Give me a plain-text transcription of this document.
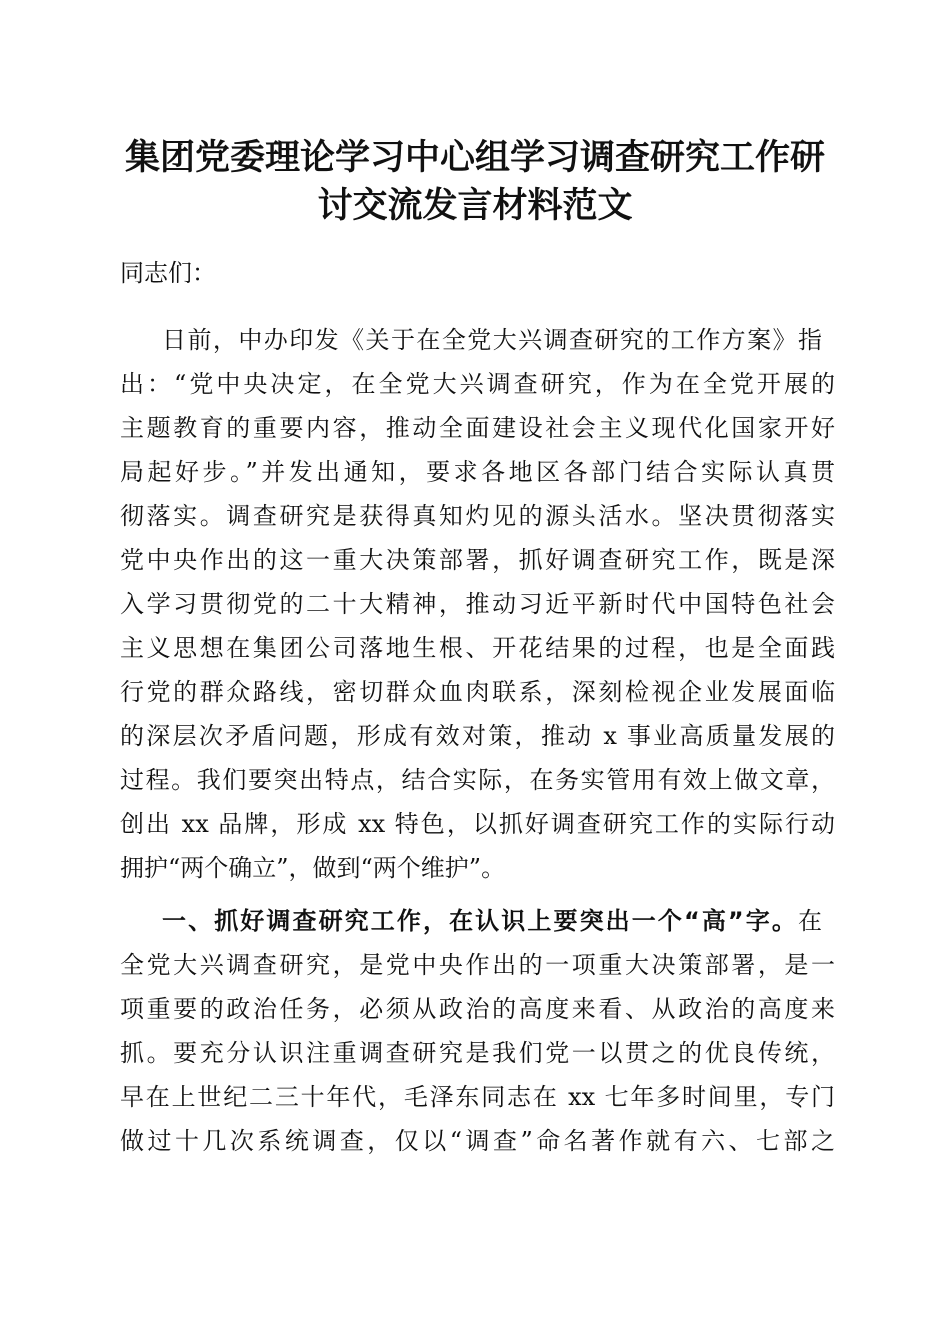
集团党委理论学习中心组学习调查研究工作研
讨交流发言材料范文
同志们：
日前，中办印发《关于在全党大兴调查研究的工作方案》指
出：“党中央决定，在全党大兴调查研究，作为在全党开展的
主题教育的重要内容，推动全面建设社会主义现代化国家开好
局起好步。”并发出通知，要求各地区各部门结合实际认真贯
彻落实。调查研究是获得真知灼见的源头活水。坚决贯彻落实
党中央作出的这一重大决策部署，抓好调查研究工作，既是深
入学习贯彻党的二十大精神，推动习近平新时代中国特色社会
主义思想在集团公司落地生根、开花结果的过程，也是全面践
行党的群众路线，密切群众血肉联系，深刻检视企业发展面临
的深层次矛盾问题，形成有效对策，推动 x 事业高质量发展的
过程。我们要突出特点，结合实际，在务实管用有效上做文章，
创出 xx 品牌，形成 xx 特色，以抓好调查研究工作的实际行动
拥护“两个确立”，做到“两个维护”。
一、抓好调查研究工作，在认识上要突出一个“高”字。在
全党大兴调查研究，是党中央作出的一项重大决策部署，是一
项重要的政治任务，必须从政治的高度来看、从政治的高度来
抓。要充分认识注重调查研究是我们党一以贯之的优良传统，
早在上世纪二三十年代，毛泽东同志在 xx 七年多时间里，专门
做过十几次系统调查，仅以“调查”命名著作就有六、七部之
